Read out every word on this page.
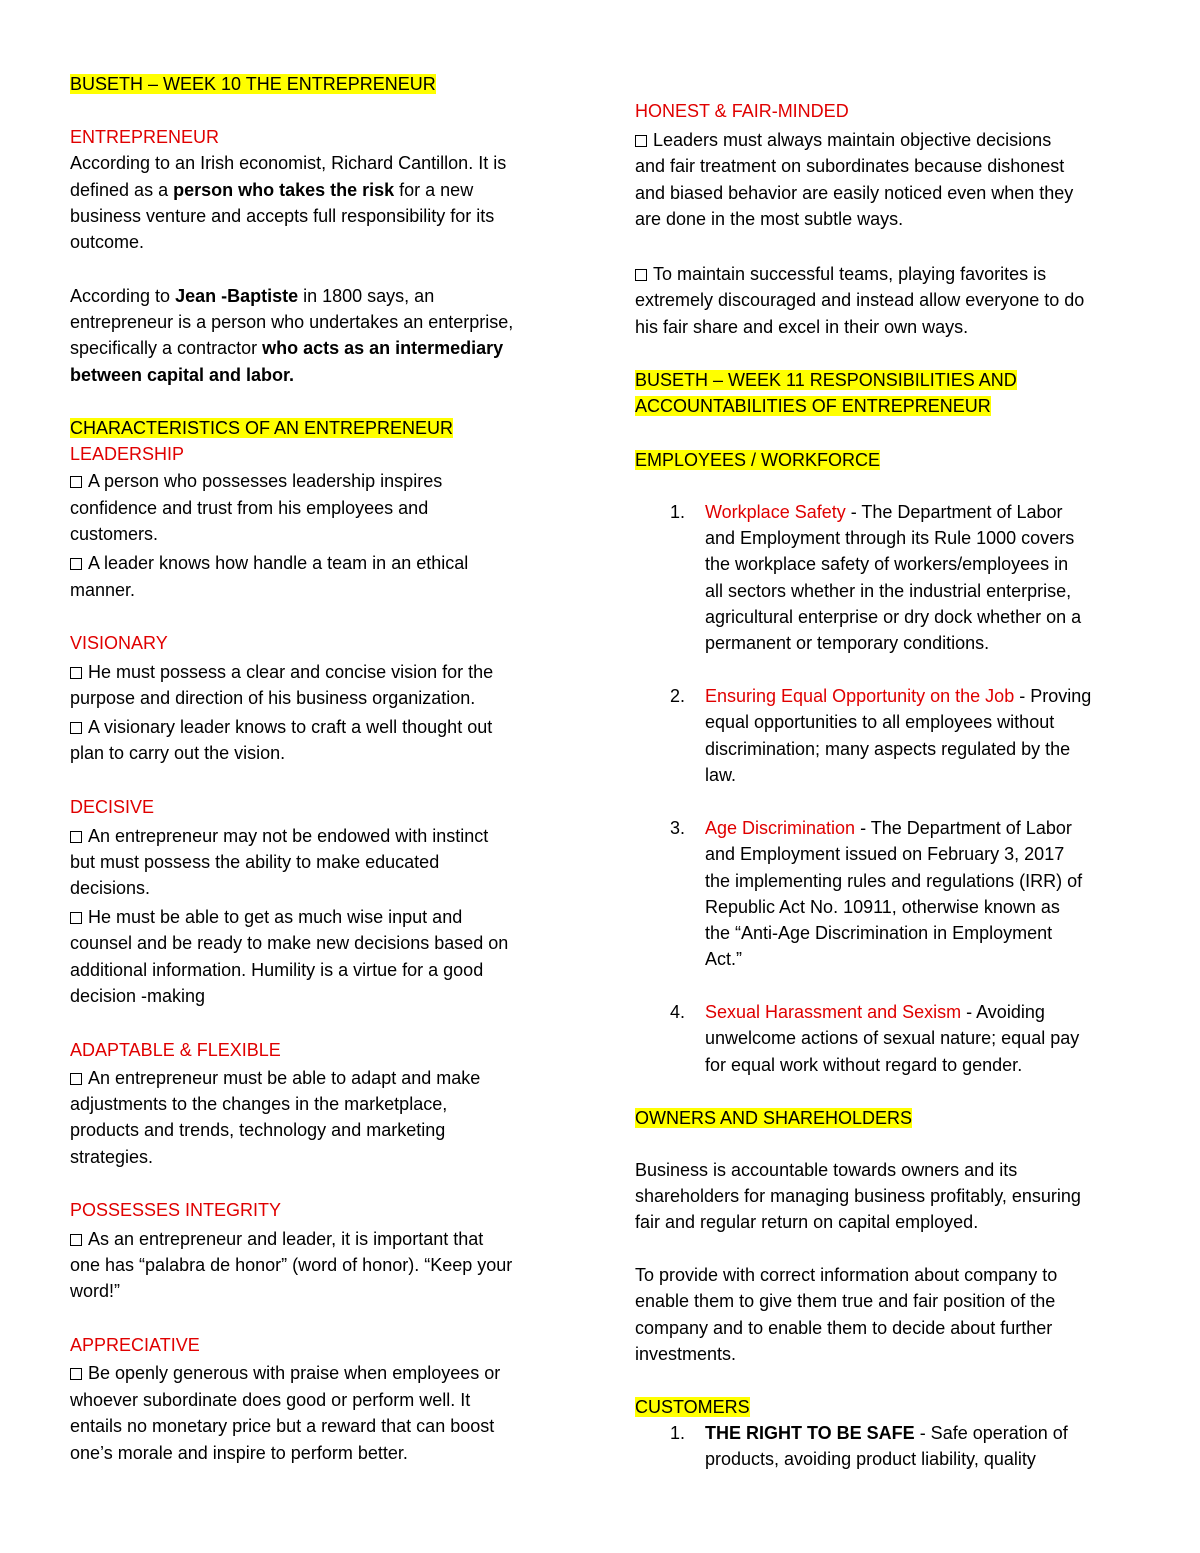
BUSETH – WEEK 10 THE ENTREPRENEUR
ENTREPRENEUR
According to an Irish economist, Richard Cantillon. It is
defined as a person who takes the risk for a new
business venture and accepts full responsibility for its
outcome.
According to Jean -Baptiste in 1800 says, an
entrepreneur is a person who undertakes an enterprise,
specifically a contractor who acts as an intermediary
between capital and labor.
CHARACTERISTICS OF AN ENTREPRENEUR
LEADERSHIP
A person who possesses leadership inspires
confidence and trust from his employees and
customers.
A leader knows how handle a team in an ethical
manner.
VISIONARY
He must possess a clear and concise vision for the
purpose and direction of his business organization.
A visionary leader knows to craft a well thought out
plan to carry out the vision.
DECISIVE
An entrepreneur may not be endowed with instinct
but must possess the ability to make educated
decisions.
He must be able to get as much wise input and
counsel and be ready to make new decisions based on
additional information. Humility is a virtue for a good
decision -making
ADAPTABLE & FLEXIBLE
An entrepreneur must be able to adapt and make
adjustments to the changes in the marketplace,
products and trends, technology and marketing
strategies.
POSSESSES INTEGRITY
As an entrepreneur and leader, it is important that
one has “palabra de honor” (word of honor). “Keep your
word!”
APPRECIATIVE
Be openly generous with praise when employees or
whoever subordinate does good or perform well. It
entails no monetary price but a reward that can boost
one’s morale and inspire to perform better.
HONEST & FAIR-MINDED
Leaders must always maintain objective decisions
and fair treatment on subordinates because dishonest
and biased behavior are easily noticed even when they
are done in the most subtle ways.
To maintain successful teams, playing favorites is
extremely discouraged and instead allow everyone to do
his fair share and excel in their own ways.
BUSETH – WEEK 11 RESPONSIBILITIES AND
ACCOUNTABILITIES OF ENTREPRENEUR
EMPLOYEES / WORKFORCE
1. Workplace Safety - The Department of Labor
and Employment through its Rule 1000 covers
the workplace safety of workers/employees in
all sectors whether in the industrial enterprise,
agricultural enterprise or dry dock whether on a
permanent or temporary conditions.
2. Ensuring Equal Opportunity on the Job - Proving
equal opportunities to all employees without
discrimination; many aspects regulated by the
law.
3. Age Discrimination - The Department of Labor
and Employment issued on February 3, 2017
the implementing rules and regulations (IRR) of
Republic Act No. 10911, otherwise known as
the “Anti-Age Discrimination in Employment
Act.”
4. Sexual Harassment and Sexism - Avoiding
unwelcome actions of sexual nature; equal pay
for equal work without regard to gender.
OWNERS AND SHAREHOLDERS
Business is accountable towards owners and its
shareholders for managing business profitably, ensuring
fair and regular return on capital employed.
To provide with correct information about company to
enable them to give them true and fair position of the
company and to enable them to decide about further
investments.
CUSTOMERS
1. THE RIGHT TO BE SAFE - Safe operation of
products, avoiding product liability, quality
